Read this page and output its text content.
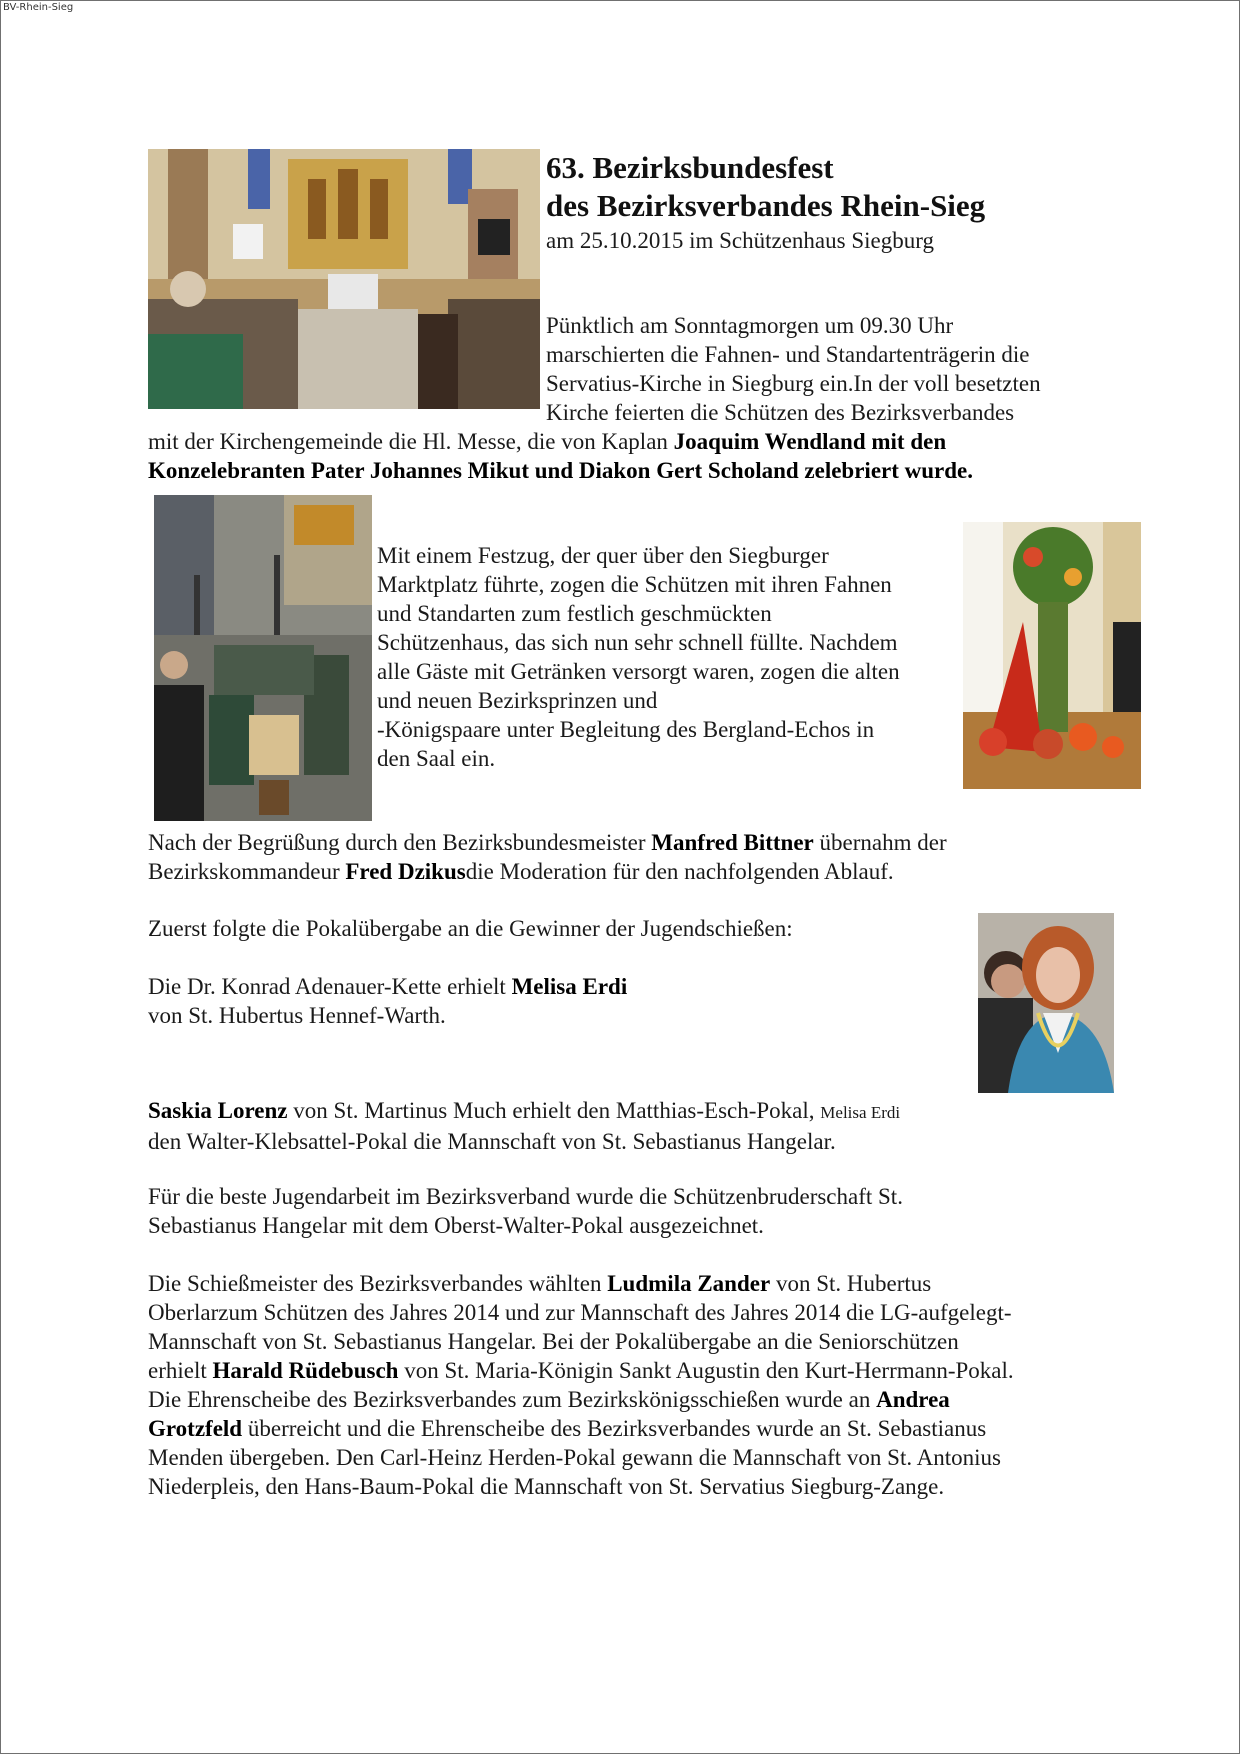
BV-Rhein-Sieg
63. Bezirksbundesfest
des Bezirksverbandes Rhein-Sieg

am 25.10.2015 im Schützenhaus Siegburg

Pünktlich am Sonntagmorgen um 09.30 Uhr
marschierten die Fahnen- und Standartenträgerin die
Servatius-Kirche in Siegburg ein.In der voll besetzten
Kirche feierten die Schützen des Bezirksverbandes

mit der Kirchengemeinde die Hl. Messe, die von Kaplan Joaquim Wendland mit den
Konzelebranten Pater Johannes Mikut und Diakon Gert Scholand zelebriert wurde.

Mit einem Festzug, der quer über den Siegburger
Marktplatz führte, zogen die Schützen mit ihren Fahnen
und Standarten zum festlich geschmückten
Schützenhaus, das sich nun sehr schnell füllte. Nachdem
alle Gäste mit Getränken versorgt waren, zogen die alten
und neuen Bezirksprinzen und
-Königspaare unter Begleitung des Bergland-Echos in
den Saal ein.

Nach der Begrüßung durch den Bezirksbundesmeister Manfred Bittner übernahm der
Bezirkskommandeur Fred Dzikusdie Moderation für den nachfolgenden Ablauf.

Zuerst folgte die Pokalübergabe an die Gewinner der Jugendschießen:

Die Dr. Konrad Adenauer-Kette erhielt Melisa Erdi
von St. Hubertus Hennef-Warth.

Saskia Lorenz von St. Martinus Much erhielt den Matthias-Esch-Pokal, Melisa Erdi
den Walter-Klebsattel-Pokal die Mannschaft von St. Sebastianus Hangelar.

Für die beste Jugendarbeit im Bezirksverband wurde die Schützenbruderschaft St.
Sebastianus Hangelar mit dem Oberst-Walter-Pokal ausgezeichnet.

Die Schießmeister des Bezirksverbandes wählten Ludmila Zander von St. Hubertus
Oberlarzum Schützen des Jahres 2014 und zur Mannschaft des Jahres 2014 die LG-aufgelegt-
Mannschaft von St. Sebastianus Hangelar. Bei der Pokalübergabe an die Seniorschützen
erhielt Harald Rüdebusch von St. Maria-Königin Sankt Augustin den Kurt-Herrmann-Pokal.
Die Ehrenscheibe des Bezirksverbandes zum Bezirkskönigsschießen wurde an Andrea
Grotzfeld überreicht und die Ehrenscheibe des Bezirksverbandes wurde an St. Sebastianus
Menden übergeben. Den Carl-Heinz Herden-Pokal gewann die Mannschaft von St. Antonius
Niederpleis, den Hans-Baum-Pokal die Mannschaft von St. Servatius Siegburg-Zange.
